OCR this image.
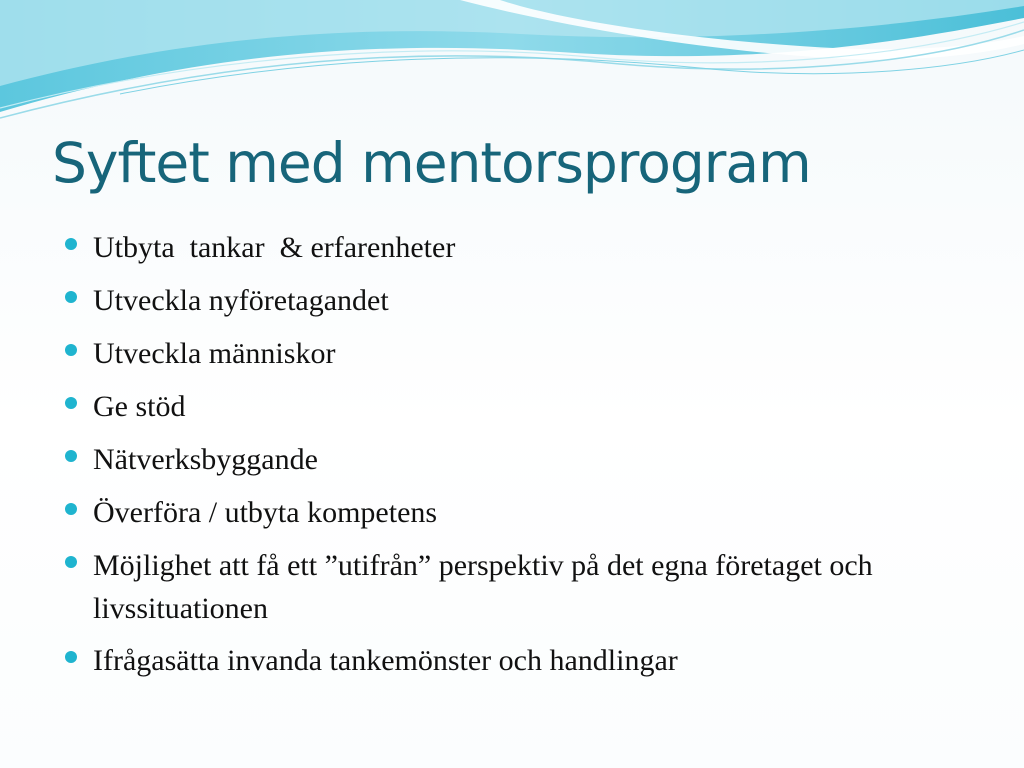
Syftet med mentorsprogram
Utbyta  tankar  & erfarenheter
Utveckla nyföretagandet
Utveckla människor
Ge stöd
Nätverksbyggande
Överföra / utbyta kompetens
Möjlighet att få ett ”utifrån” perspektiv på det egna företaget och livssituationen
Ifrågasätta invanda tankemönster och handlingar
